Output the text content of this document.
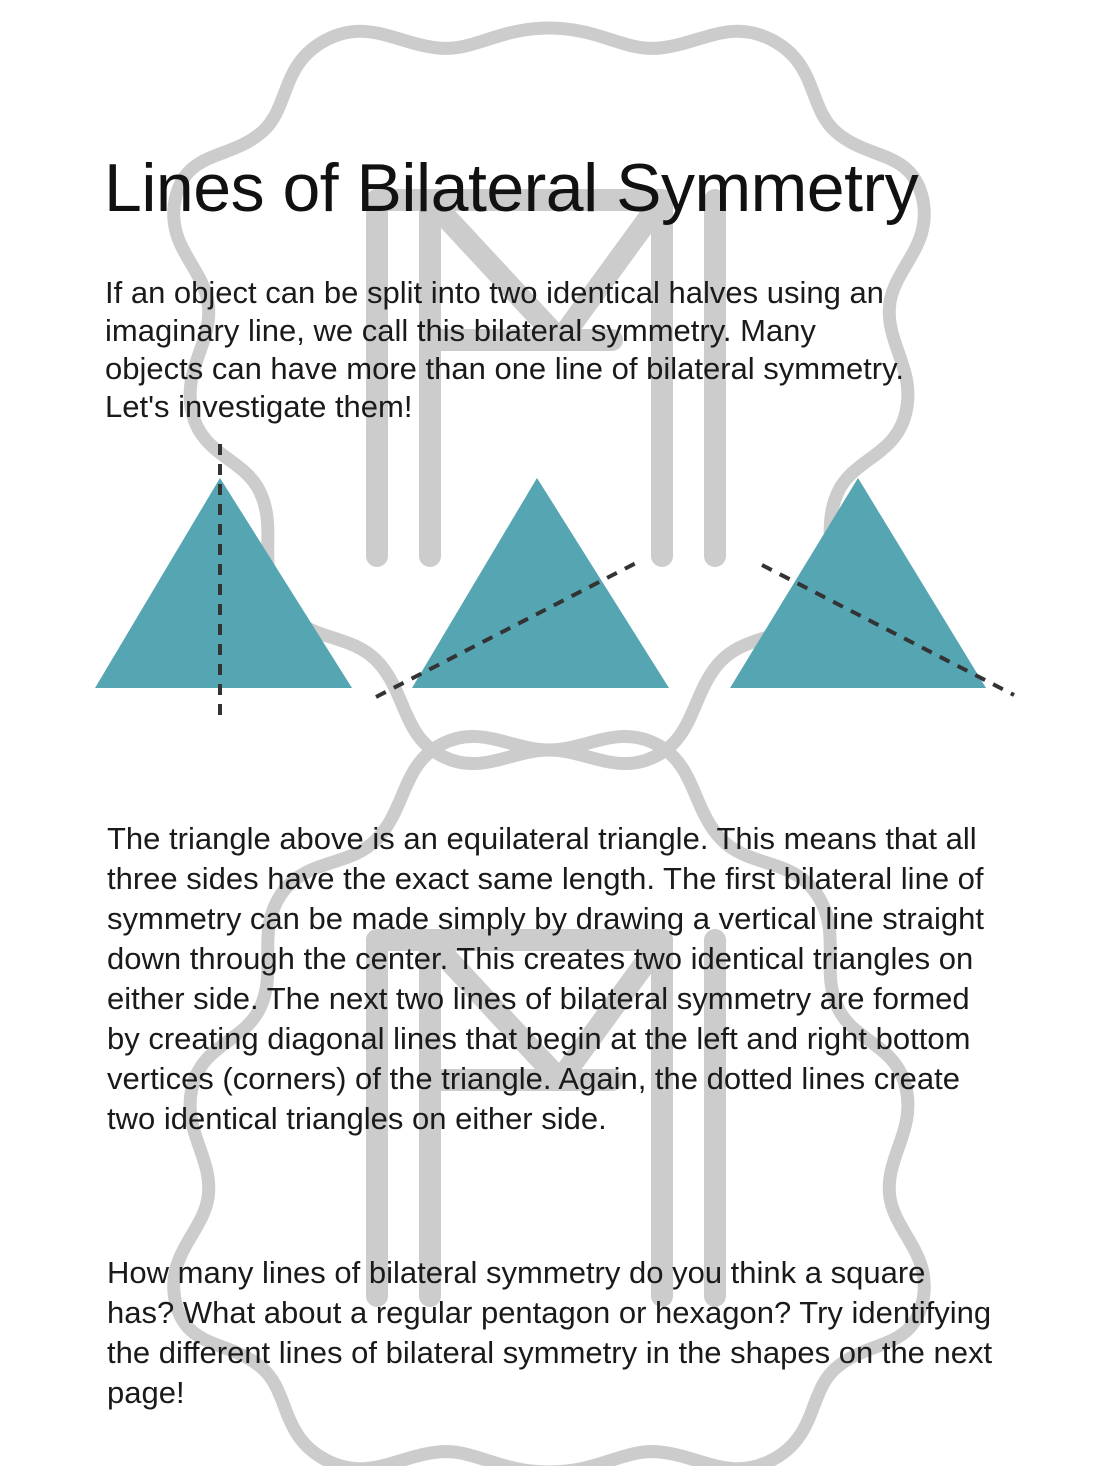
Lines of Bilateral Symmetry

If an object can be split into two identical halves using an imaginary line, we call this bilateral symmetry. Many objects can have more than one line of bilateral symmetry. Let's investigate them!

The triangle above is an equilateral triangle. This means that all three sides have the exact same length. The first bilateral line of symmetry can be made simply by drawing a vertical line straight down through the center. This creates two identical triangles on either side. The next two lines of bilateral symmetry are formed by creating diagonal lines that begin at the left and right bottom vertices (corners) of the triangle. Again, the dotted lines create two identical triangles on either side.

How many lines of bilateral symmetry do you think a square has? What about a regular pentagon or hexagon? Try identifying the different lines of bilateral symmetry in the shapes on the next page!
